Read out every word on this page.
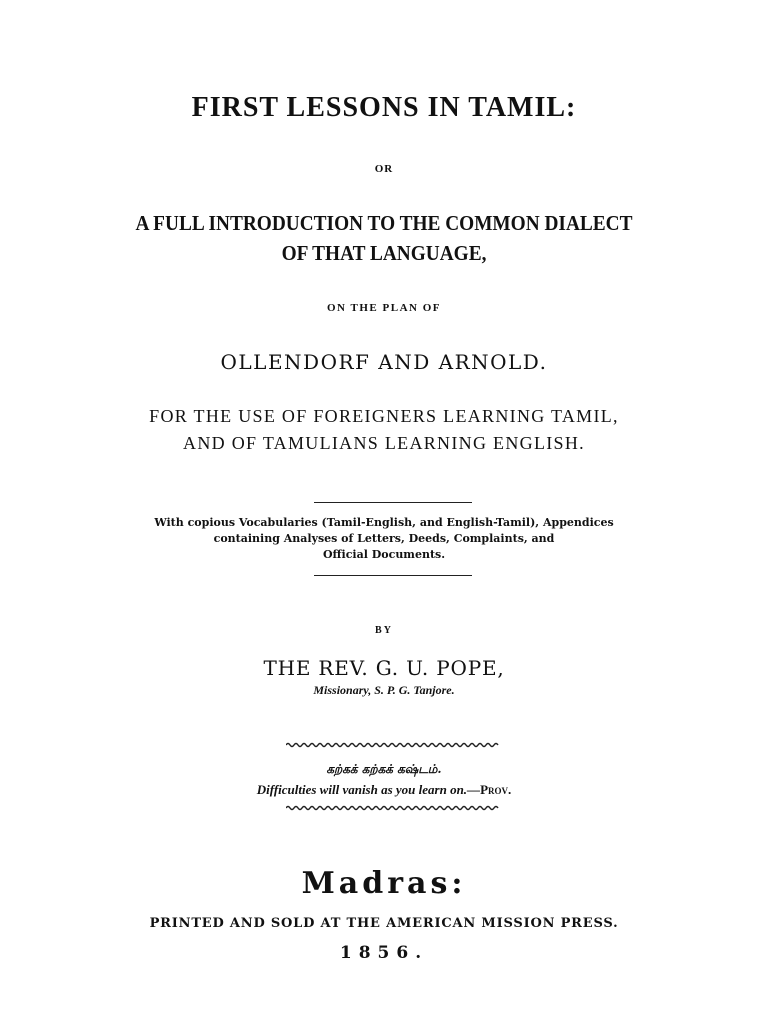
FIRST LESSONS IN TAMIL:

OR

A FULL INTRODUCTION TO THE COMMON DIALECT

OF THAT LANGUAGE,

ON THE PLAN OF

OLLENDORF AND ARNOLD.

FOR THE USE OF FOREIGNERS LEARNING TAMIL,

AND OF TAMULIANS LEARNING ENGLISH.

With copious Vocabularies (Tamil-English, and English-Tamil), Appendices

containing Analyses of Letters, Deeds, Complaints, and

Official Documents.

BY

THE REV. G. U. POPE,

Missionary, S. P. G. Tanjore.

கற்கக் கற்கக் கஷ்டம்.

Difficulties will vanish as you learn on.—Prov.

Madras:

PRINTED AND SOLD AT THE AMERICAN MISSION PRESS.

1856.
